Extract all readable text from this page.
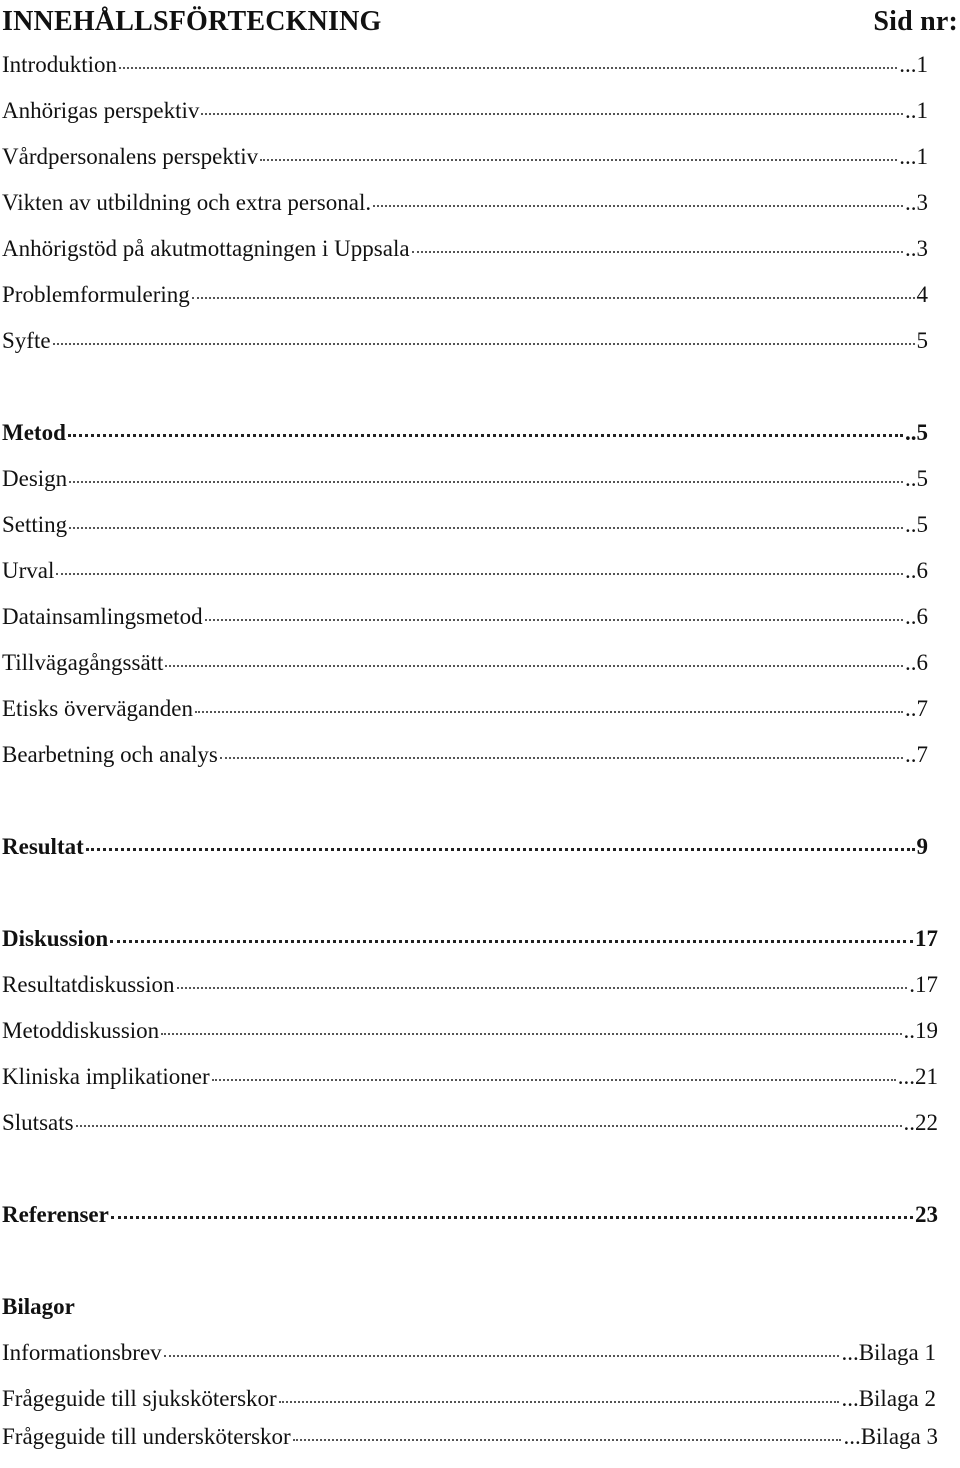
INNEHÅLLSFÖRTECKNING	Sid nr:
Introduktion	...1
Anhörigas perspektiv	..1
Vårdpersonalens perspektiv	...1
Vikten av utbildning och extra personal.	..3
Anhörigstöd på akutmottagningen i Uppsala	..3
Problemformulering	4
Syfte	5
Metod	..5
Design	..5
Setting	..5
Urval	..6
Datainsamlingsmetod	..6
Tillvägagångssätt	..6
Etisks överväganden	..7
Bearbetning och analys	..7
Resultat	9
Diskussion	17
Resultatdiskussion	.17
Metoddiskussion	..19
Kliniska implikationer	...21
Slutsats	..22
Referenser	23
Bilagor
Informationsbrev	...Bilaga 1
Frågeguide till sjuksköterskor	...Bilaga 2
Frågeguide till undersköterskor	...Bilaga 3
